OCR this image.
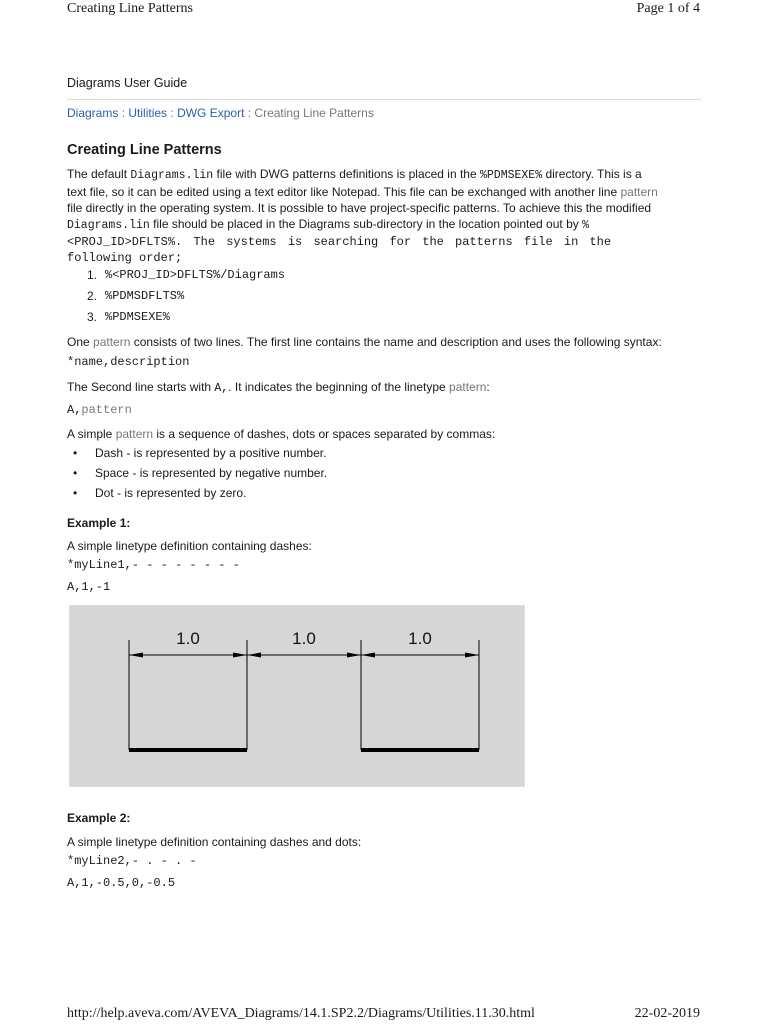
Creating Line Patterns	Page 1 of 4
Diagrams User Guide
Diagrams : Utilities : DWG Export : Creating Line Patterns
Creating Line Patterns
The default Diagrams.lin file with DWG patterns definitions is placed in the %PDMSEXE% directory. This is a
text file, so it can be edited using a text editor like Notepad. This file can be exchanged with another line pattern
file directly in the operating system. It is possible to have project-specific patterns. To achieve this the modified
Diagrams.lin file should be placed in the Diagrams sub-directory in the location pointed out by %
<PROJ_ID>DFLTS%. The systems is searching for the patterns file in the
following order;
1. %<PROJ_ID>DFLTS%/Diagrams
2. %PDMSDFLTS%
3. %PDMSEXE%
One pattern consists of two lines. The first line contains the name and description and uses the following syntax:
*name,description
The Second line starts with A,. It indicates the beginning of the linetype pattern:
A,pattern
A simple pattern is a sequence of dashes, dots or spaces separated by commas:
•	Dash - is represented by a positive number.
•	Space - is represented by negative number.
•	Dot - is represented by zero.
Example 1:
A simple linetype definition containing dashes:
*myLine1,- - - - - - - -
A,1,-1
1.0	1.0	1.0
Example 2:
A simple linetype definition containing dashes and dots:
*myLine2,- . - . -
A,1,-0.5,0,-0.5
http://help.aveva.com/AVEVA_Diagrams/14.1.SP2.2/Diagrams/Utilities.11.30.html	22-02-2019
